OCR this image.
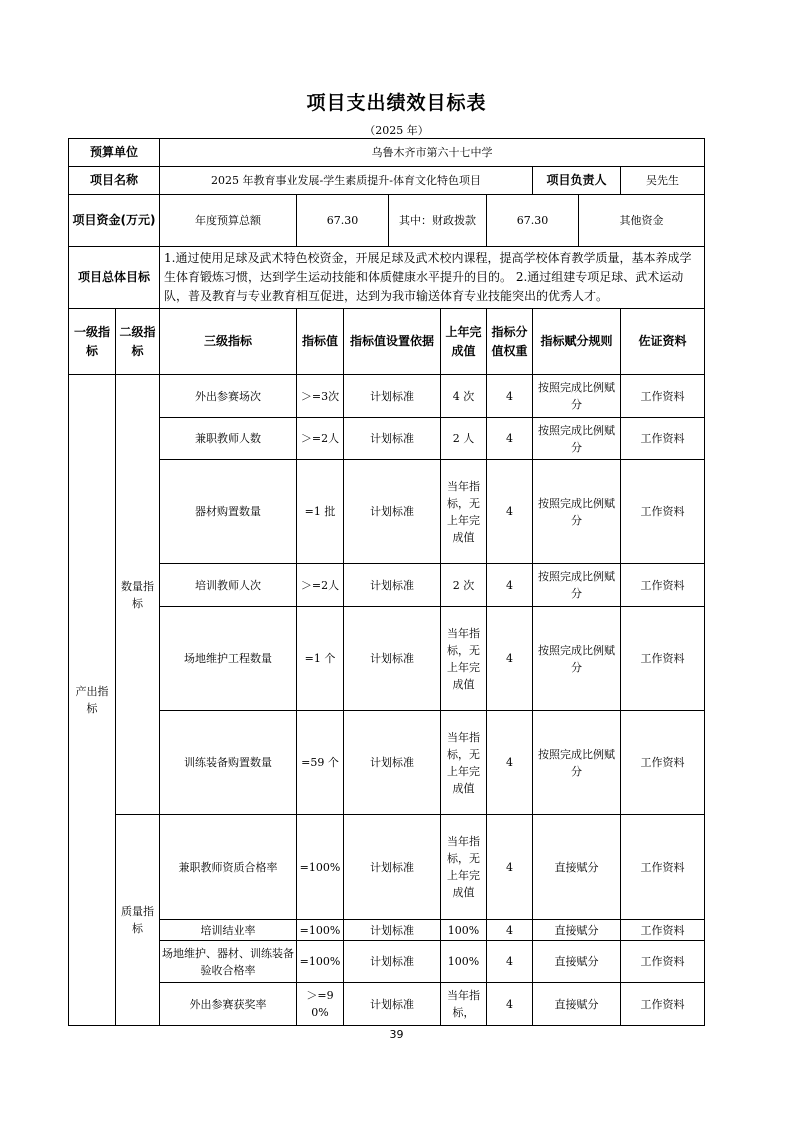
项目支出绩效目标表
（2025 年）
预算单位		乌鲁木齐市第六十七中学									
项目名称		2025 年教育事业发展-学生素质提升-体育文化特色项目						项目负责人		吴先生	
项目资金(万元)		年度预算总额	67.30		其中：财政拨款		67.30		其他资金	
项目总体目标		1.通过使用足球及武术特色校资金，开展足球及武术校内课程，提高学校体育教学质量，基本养成学生体育锻炼习惯，达到学生运动技能和体质健康水平提升的目的。 2.通过组建专项足球、武术运动队，普及教育与专业教育相互促进，达到为我市输送体育专业技能突出的优秀人才。									
一级指标	二级指标	三级指标	指标值	指标值设置依据		上年完成值	指标分值权重	指标赋分规则		佐证资料	
产出指标	数量指标	外出参赛场次	＞=3次	计划标准		4 次	4	按照完成比例赋分		工作资料	
		兼职教师人数	＞=2人	计划标准		2 人	4	按照完成比例赋分		工作资料	
		器材购置数量	=1 批	计划标准		当年指标，无上年完成值	4	按照完成比例赋分		工作资料	
		培训教师人次	＞=2人	计划标准		2 次	4	按照完成比例赋分		工作资料	
		场地维护工程数量	=1 个	计划标准		当年指标，无上年完成值	4	按照完成比例赋分		工作资料	
		训练装备购置数量	=59 个	计划标准		当年指标，无上年完成值	4	按照完成比例赋分		工作资料	
	质量指标	兼职教师资质合格率	=100%	计划标准		当年指标，无上年完成值	4	直接赋分		工作资料	
		培训结业率	=100%	计划标准		100%	4	直接赋分		工作资料	
		场地维护、器材、训练装备验收合格率	=100%	计划标准		100%	4	直接赋分		工作资料	
		外出参赛获奖率	＞=90%	计划标准		当年指标，	4	直接赋分		工作资料	
39
